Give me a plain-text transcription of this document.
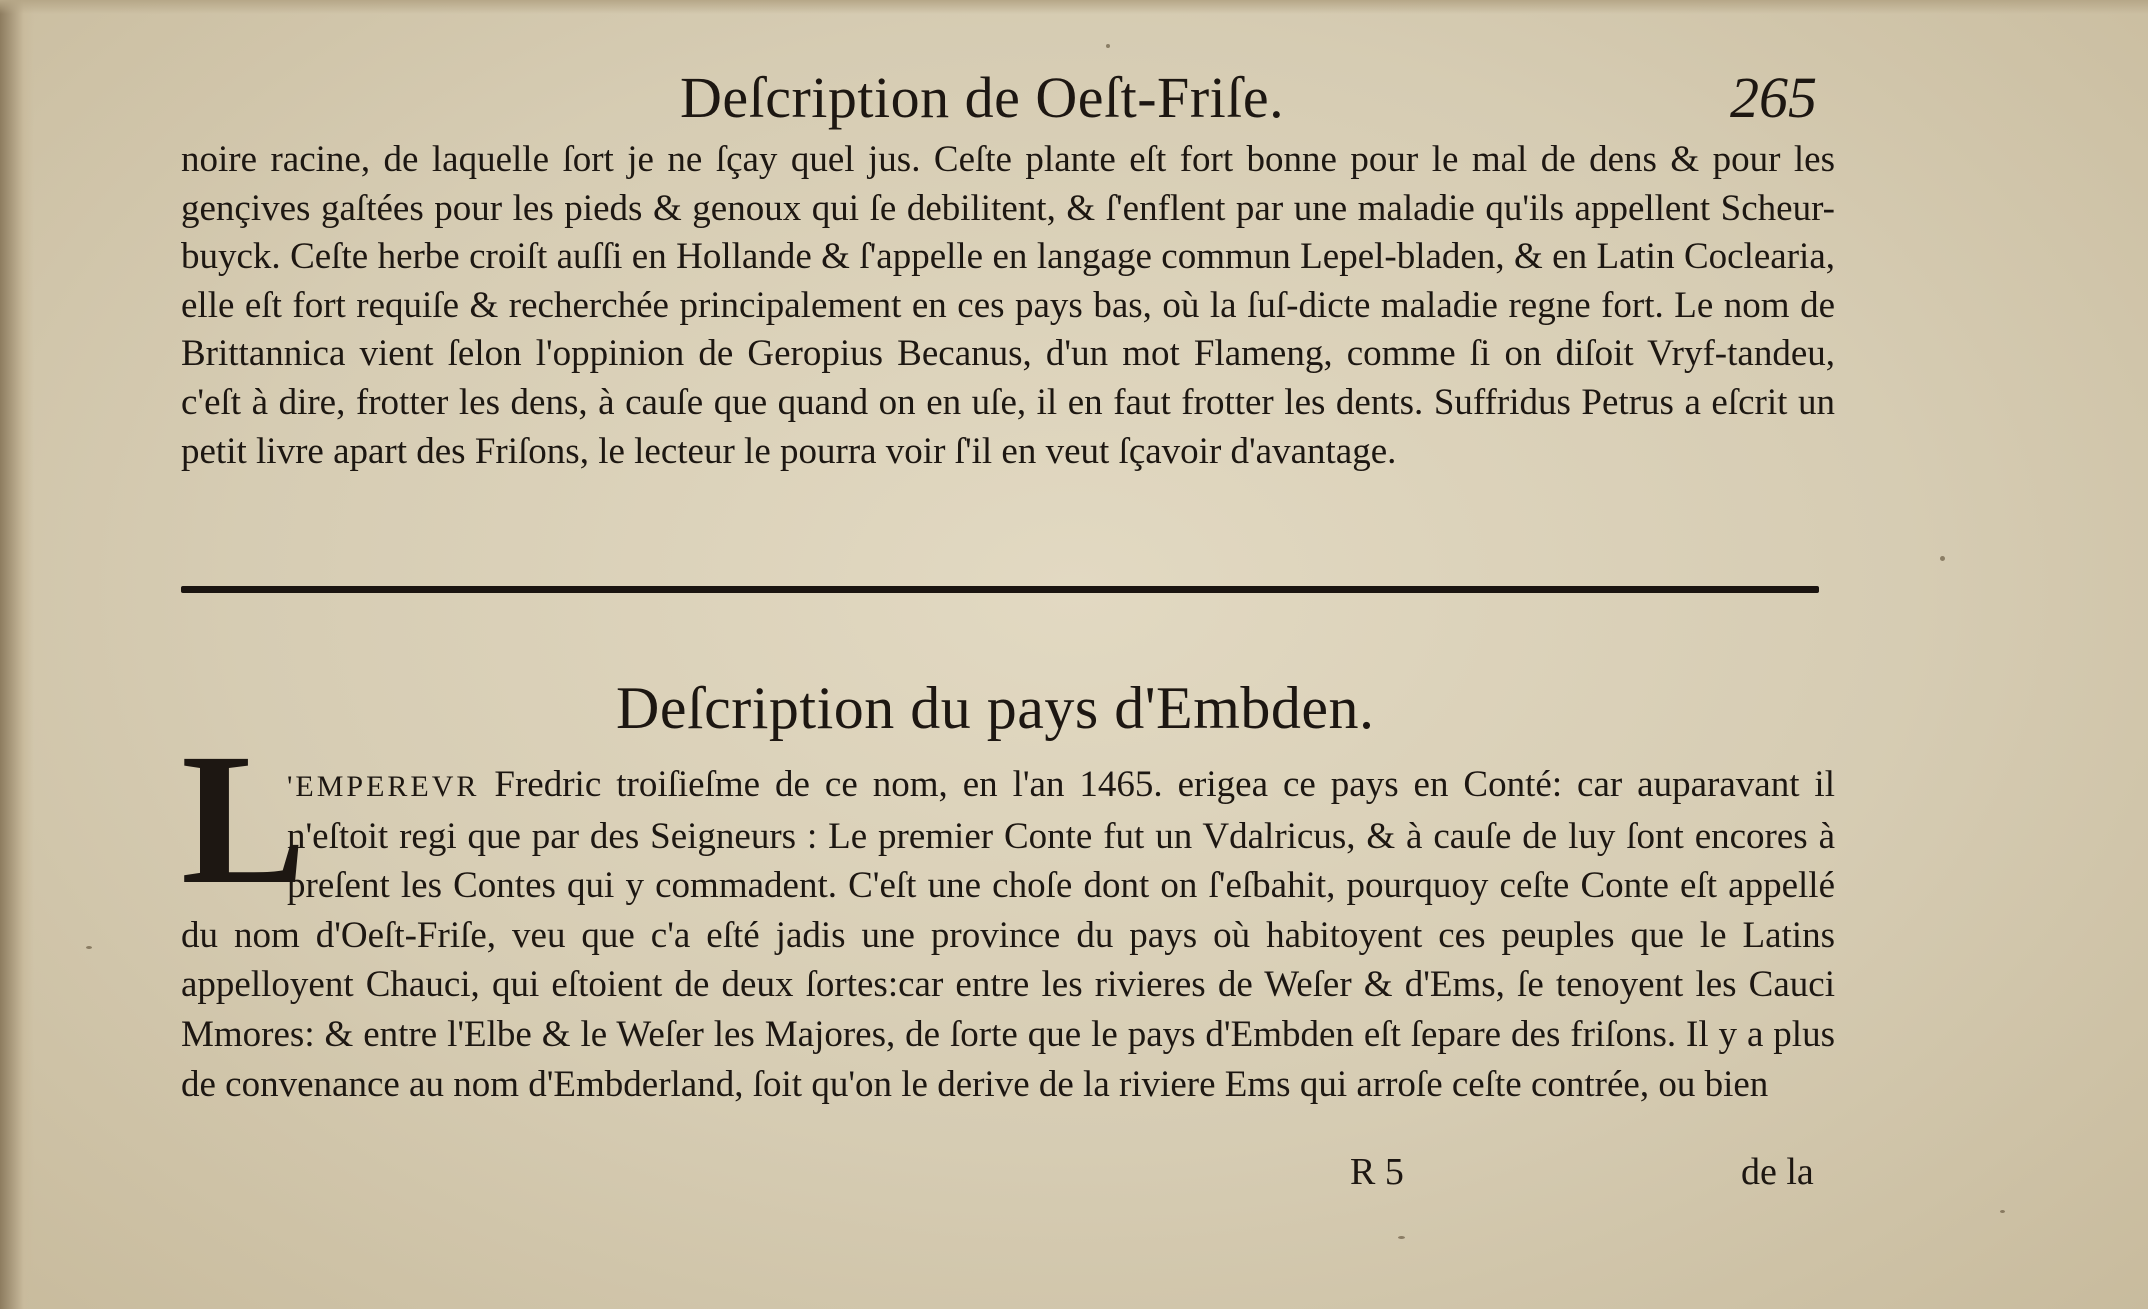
Deſcription de Oeſt-Friſe.	265

noire racine, de laquelle ſort je ne ſçay quel jus. Ceſte plante eſt fort bonne pour le mal de dens & pour les gençives gaſtées pour les pieds & genoux qui ſe debilitent, & ſ'enflent par une maladie qu'ils appellent Scheur-buyck. Ceſte herbe croiſt auſſi en Hollande & ſ'appelle en langage commun Lepel-bladen, & en Latin Coclearia, elle eſt fort requiſe & recherchée principalement en ces pays bas, où la ſuſ-dicte maladie regne fort. Le nom de Brittannica vient ſelon l'oppinion de Geropius Becanus, d'un mot Flameng, comme ſi on diſoit Vryf-tandeu, c'eſt à dire, frotter les dens, à cauſe que quand on en uſe, il en faut frotter les dents. Suffridus Petrus a eſcrit un petit livre apart des Friſons, le lecteur le pourra voir ſ'il en veut ſçavoir d'avantage.

Deſcription du pays d'Embden.
L

'EMPEREVR Fredric troiſieſme de ce nom, en l'an 1465. erigea ce pays en Conté: car auparavant il n'eſtoit regi que par des Seigneurs : Le premier Conte fut un Vdalricus, & à cauſe de luy ſont encores à preſent les Contes qui y commadent. C'eſt une choſe dont on ſ'eſbahit, pourquoy ceſte Conte eſt appellé du nom d'Oeſt-Friſe, veu que c'a eſté jadis une province du pays où habitoyent ces peuples que le Latins appelloyent Chauci, qui eſtoient de deux ſortes:car entre les rivieres de Weſer & d'Ems, ſe tenoyent les Cauci Mmores: & entre l'Elbe & le Weſer les Majores, de ſorte que le pays d'Embden eſt ſepare des friſons. Il y a plus de convenance au nom d'Embderland, ſoit qu'on le derive de la riviere Ems qui arroſe ceſte contrée, ou bien

R 5	de la
